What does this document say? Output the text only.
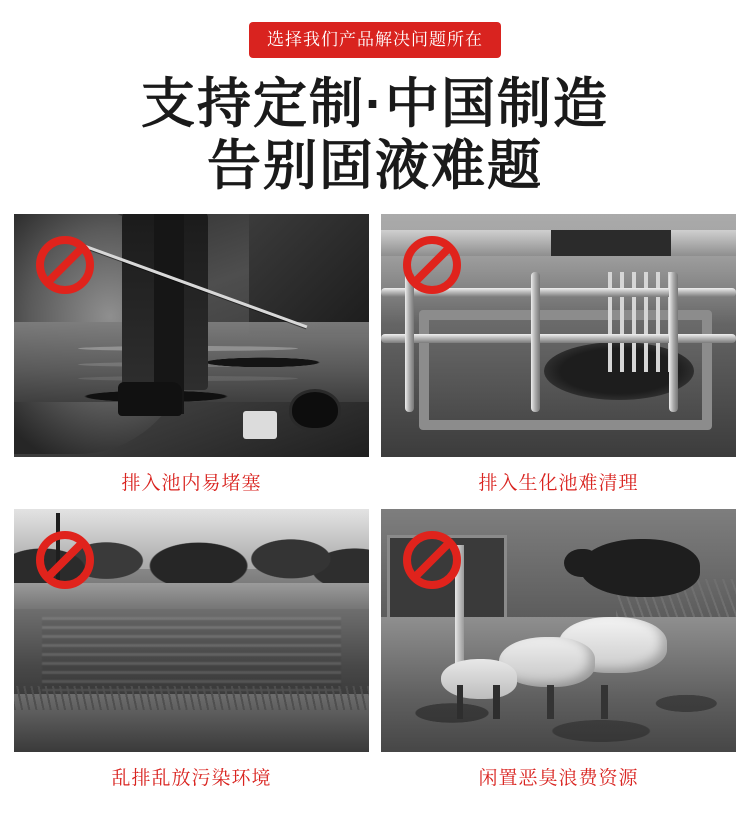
选择我们产品解决问题所在
支持定制·中国制造
告别固液难题
排入池内易堵塞	排入生化池难清理
乱排乱放污染环境	闲置恶臭浪费资源
